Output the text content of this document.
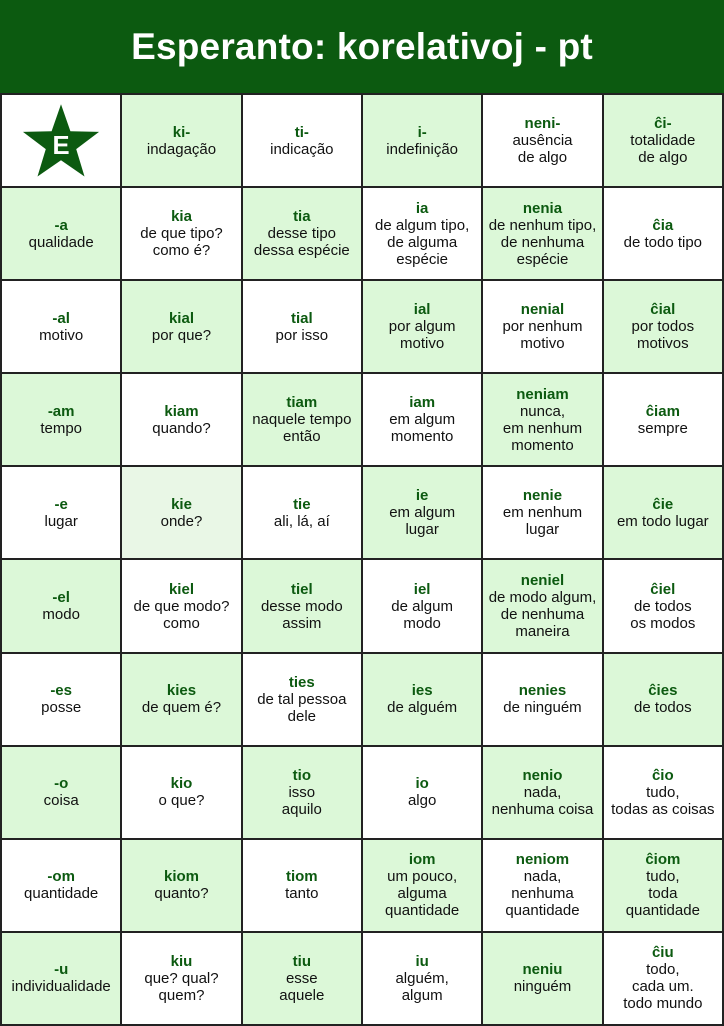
Esperanto: korelativoj - pt
E	ki-
indagação	ti-
indicação	i-
indefinição	neni-
ausência
de algo	ĉi-
totalidade
de algo

-a
qualidade	kia
de que tipo?
como é?	tia
desse tipo
dessa espécie	ia
de algum tipo,
de alguma
espécie	nenia
de nenhum tipo,
de nenhuma
espécie	ĉia
de todo tipo

-al
motivo	kial
por que?	tial
por isso	ial
por algum
motivo	nenial
por nenhum
motivo	ĉial
por todos
motivos

-am
tempo	kiam
quando?	tiam
naquele tempo
então	iam
em algum
momento	neniam
nunca,
em nenhum
momento	ĉiam
sempre

-e
lugar	kie
onde?	tie
ali, lá, aí	ie
em algum
lugar	nenie
em nenhum
lugar	ĉie
em todo lugar

-el
modo	kiel
de que modo?
como	tiel
desse modo
assim	iel
de algum
modo	neniel
de modo algum,
de nenhuma
maneira	ĉiel
de todos
os modos

-es
posse	kies
de quem é?	ties
de tal pessoa
dele	ies
de alguém	nenies
de ninguém	ĉies
de todos

-o
coisa	kio
o que?	tio
isso
aquilo	io
algo	nenio
nada,
nenhuma coisa	ĉio
tudo,
todas as coisas

-om
quantidade	kiom
quanto?	tiom
tanto	iom
um pouco,
alguma
quantidade	neniom
nada,
nenhuma
quantidade	ĉiom
tudo,
toda
quantidade

-u
individualidade	kiu
que? qual?
quem?	tiu
esse
aquele	iu
alguém,
algum	neniu
ninguém	ĉiu
todo,
cada um.
todo mundo
